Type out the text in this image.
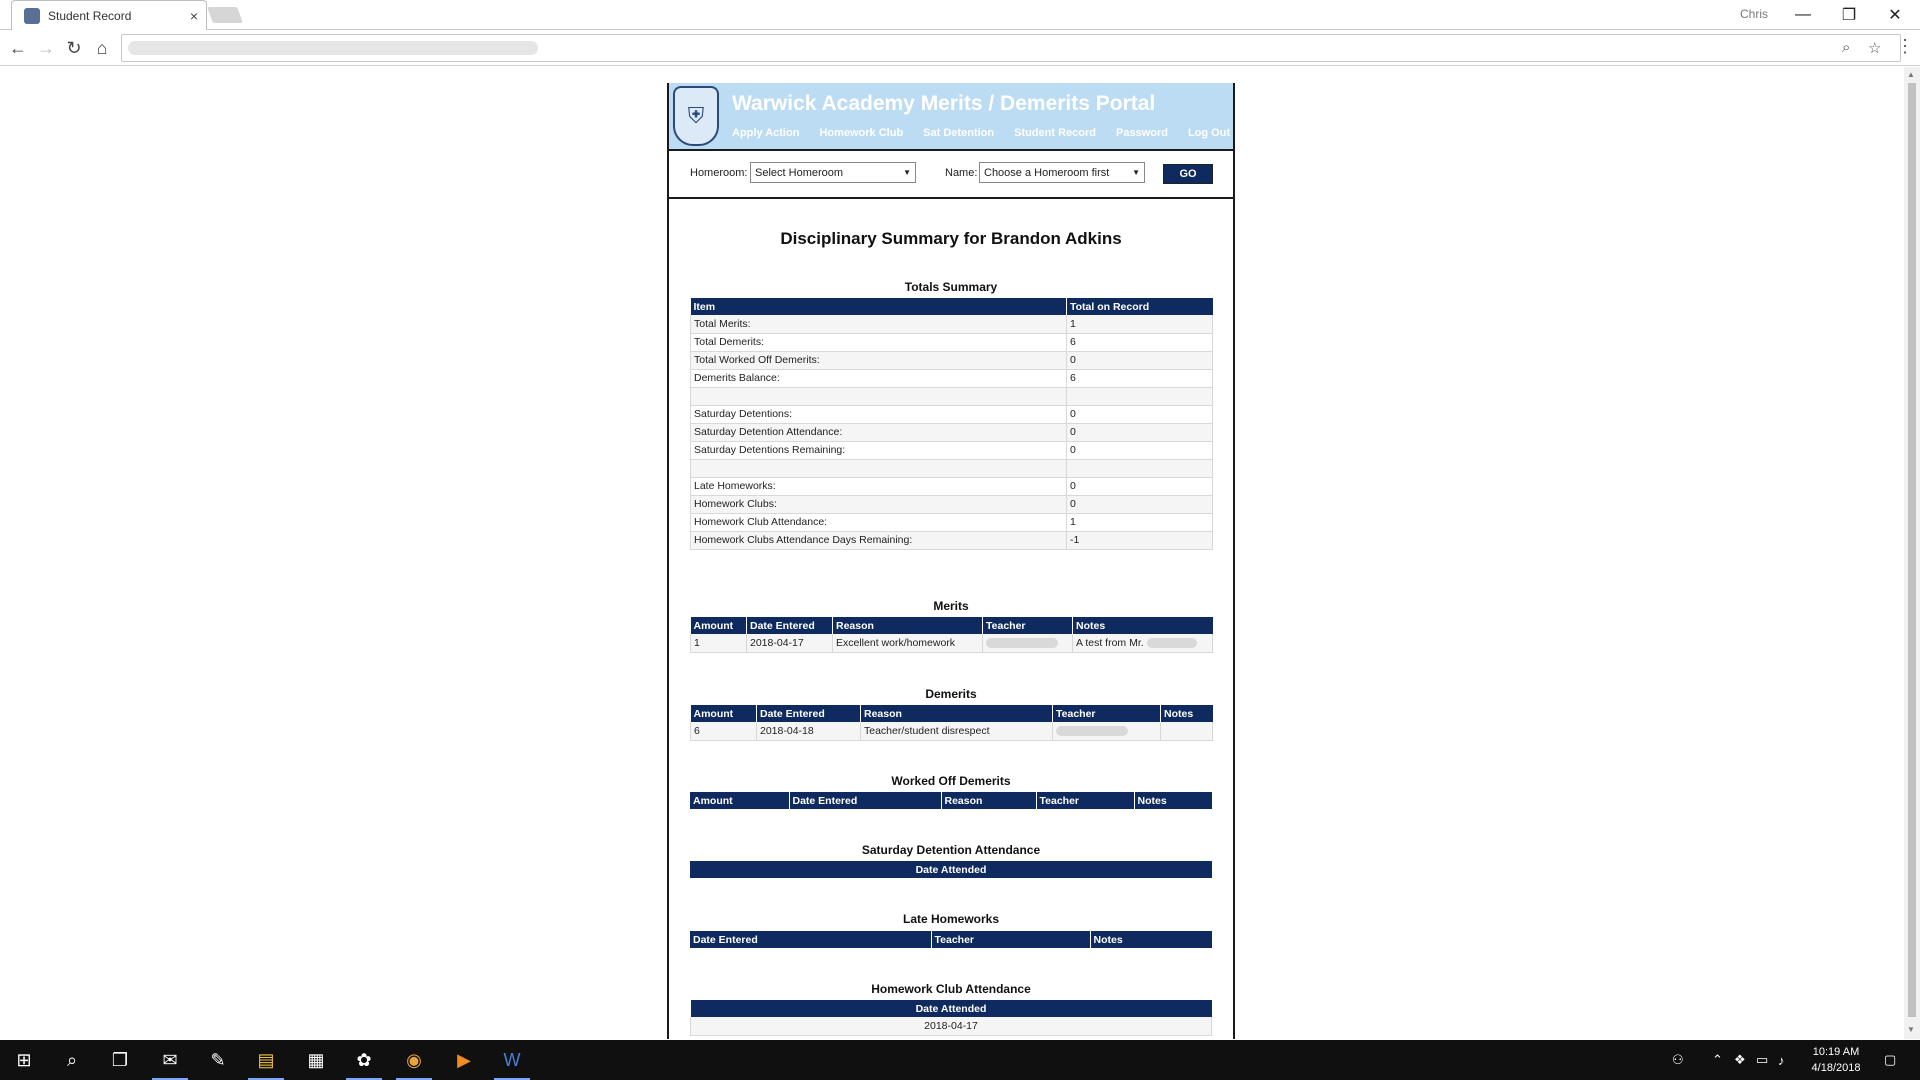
Student Record	×	Chris	—	❐	✕
← → ↻ ⌂	⌕ ☆ ⋮
⛨	Warwick Academy Merits / Demerits Portal
Apply Action Homework Club Sat Detention Student Record Password Log Out
Homeroom: Select Homeroom	▼	Name: Choose a Homeroom first	▼	GO
Disciplinary Summary for Brandon Adkins
Totals Summary
Item	Total on Record
Total Merits:	1
Total Demerits:	6
Total Worked Off Demerits:	0
Demerits Balance:	6

Saturday Detentions:	0
Saturday Detention Attendance:	0
Saturday Detentions Remaining:	0

Late Homeworks:	0
Homework Clubs:	0
Homework Club Attendance:	1
Homework Clubs Attendance Days Remaining:	-1
Merits
Amount	Date Entered	Reason	Teacher	Notes
1	2018-04-17	Excellent work/homework		A test from Mr.
Demerits
Amount	Date Entered	Reason	Teacher	Notes
6	2018-04-18	Teacher/student disrespect		
Worked Off Demerits
Amount	Date Entered	Reason	Teacher	Notes
Saturday Detention Attendance
Date Attended
Late Homeworks
Date Entered	Teacher	Notes
Homework Club Attendance
Date Attended
2018-04-17
▲
▼
⊞	⌕	❐	✉	✎	▤	▦	✿	◉	▶	W	⚇ ⌃ ❖ ▭ ♪
10:19 AM
4/18/2018
▢
